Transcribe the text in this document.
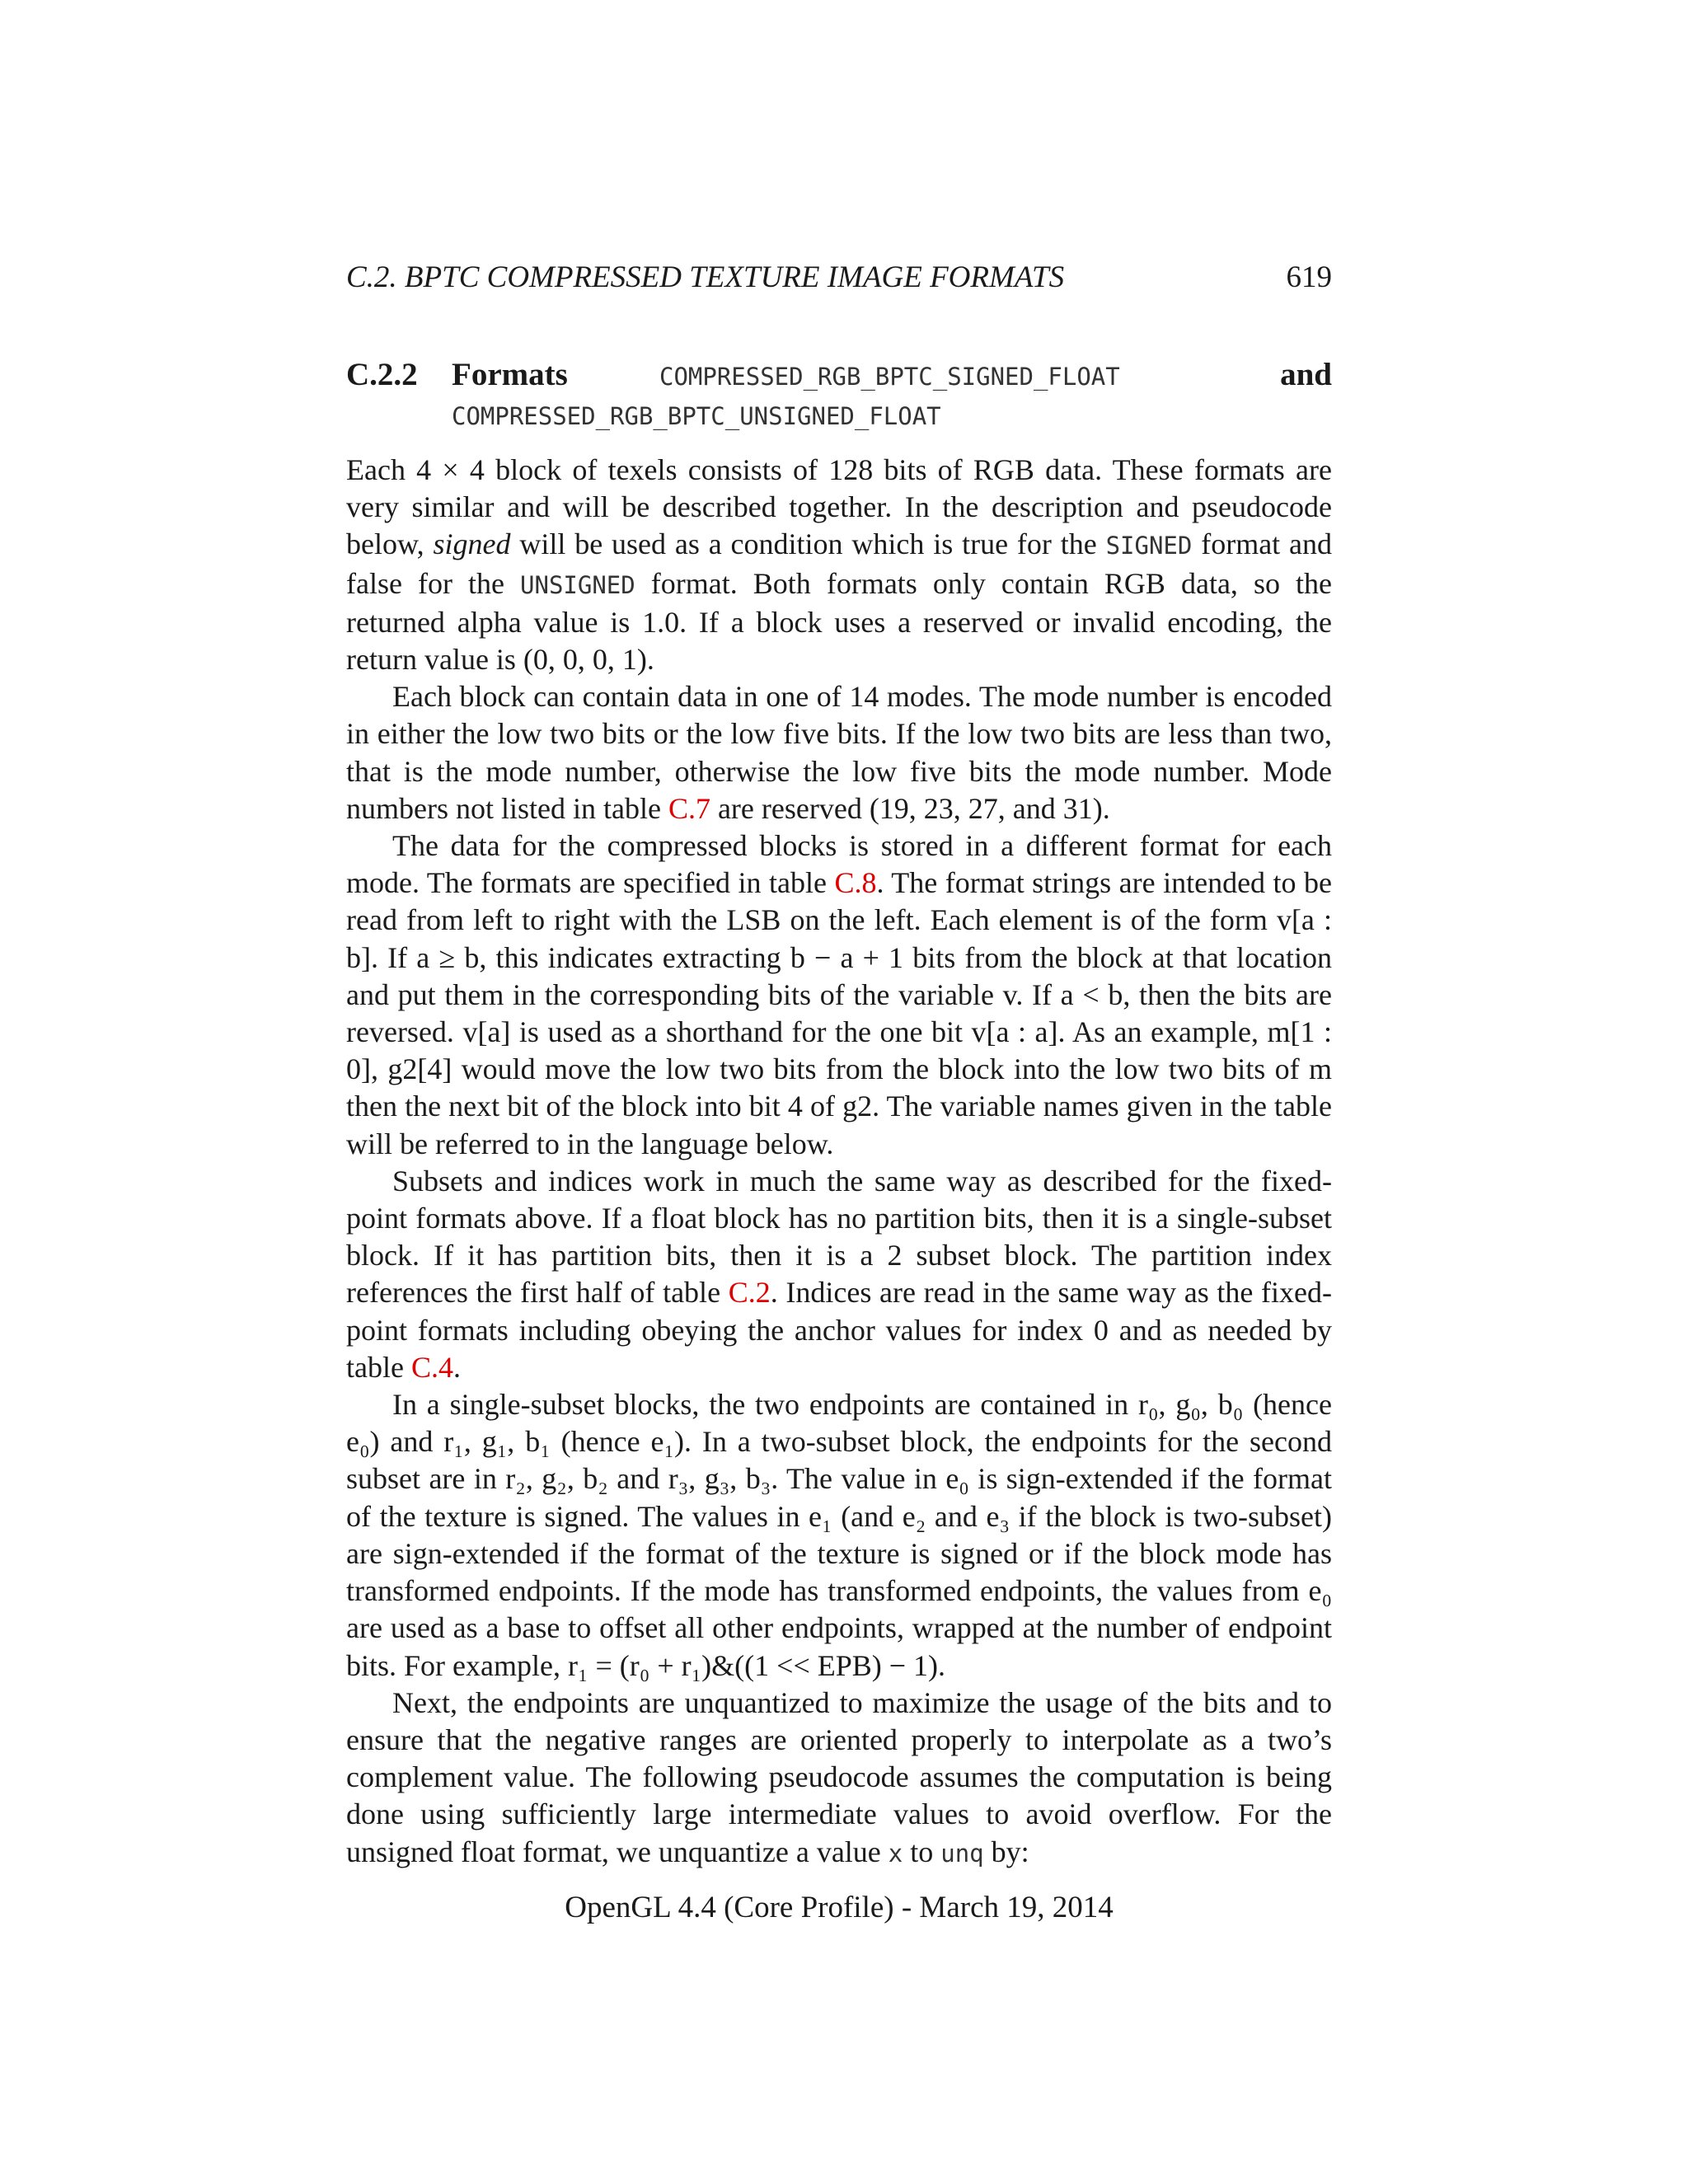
C.2. BPTC COMPRESSED TEXTURE IMAGE FORMATS	619
C.2.2 Formats	COMPRESSED_RGB_BPTC_SIGNED_FLOAT	and
COMPRESSED_RGB_BPTC_UNSIGNED_FLOAT

Each 4 × 4 block of texels consists of 128 bits of RGB data. These formats are very similar and will be described together. In the description and pseudocode below, signed will be used as a condition which is true for the SIGNED format and false for the UNSIGNED format. Both formats only contain RGB data, so the returned alpha value is 1.0. If a block uses a reserved or invalid encoding, the return value is (0, 0, 0, 1).

Each block can contain data in one of 14 modes. The mode number is encoded in either the low two bits or the low five bits. If the low two bits are less than two, that is the mode number, otherwise the low five bits the mode number. Mode numbers not listed in table C.7 are reserved (19, 23, 27, and 31).

The data for the compressed blocks is stored in a different format for each mode. The formats are specified in table C.8. The format strings are intended to be read from left to right with the LSB on the left. Each element is of the form v[a : b]. If a ≥ b, this indicates extracting b − a + 1 bits from the block at that location and put them in the corresponding bits of the variable v. If a < b, then the bits are reversed. v[a] is used as a shorthand for the one bit v[a : a]. As an example, m[1 : 0], g2[4] would move the low two bits from the block into the low two bits of m then the next bit of the block into bit 4 of g2. The variable names given in the table will be referred to in the language below.

Subsets and indices work in much the same way as described for the fixed-point formats above. If a float block has no partition bits, then it is a single-subset block. If it has partition bits, then it is a 2 subset block. The partition index references the first half of table C.2. Indices are read in the same way as the fixed-point formats including obeying the anchor values for index 0 and as needed by table C.4.

In a single-subset blocks, the two endpoints are contained in r₀, g₀, b₀ (hence e₀) and r₁, g₁, b₁ (hence e₁). In a two-subset block, the endpoints for the second subset are in r₂, g₂, b₂ and r₃, g₃, b₃. The value in e₀ is sign-extended if the format of the texture is signed. The values in e₁ (and e₂ and e₃ if the block is two-subset) are sign-extended if the format of the texture is signed or if the block mode has transformed endpoints. If the mode has transformed endpoints, the values from e₀ are used as a base to offset all other endpoints, wrapped at the number of endpoint bits. For example, r₁ = (r₀ + r₁)&((1 << EPB) − 1).

Next, the endpoints are unquantized to maximize the usage of the bits and to ensure that the negative ranges are oriented properly to interpolate as a two’s complement value. The following pseudocode assumes the computation is being done using sufficiently large intermediate values to avoid overflow. For the unsigned float format, we unquantize a value x to unq by:

OpenGL 4.4 (Core Profile) - March 19, 2014
